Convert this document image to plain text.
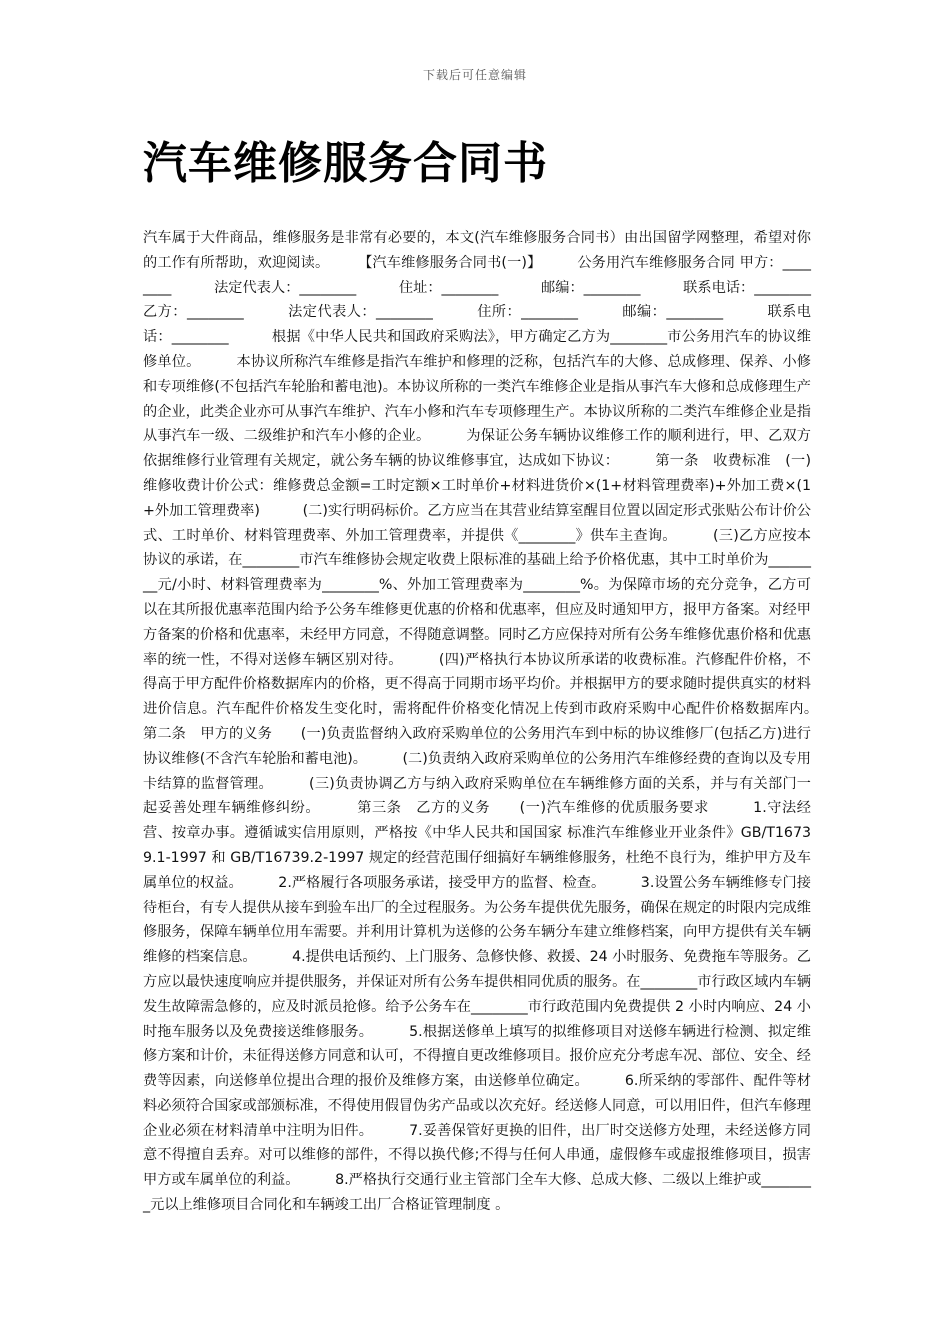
下载后可任意编辑
汽车维修服务合同书

汽车属于大件商品，维修服务是非常有必要的，本文(汽车维修服务合同书）由出国留学网整理，希望对你的工作有所帮助，欢迎阅读。　　　【汽车维修服务合同书(一)】　　　公务用汽车维修服务合同 甲方：________　　　法定代表人：________　　　住址：________　　　邮编：________　　　联系电话：________乙方：________　　　法定代表人：________　　　住所：________　　　邮编：________　　　联系电话：________　　　根据《中华人民共和国政府采购法》，甲方确定乙方为________市公务用汽车的协议维修单位。　　　本协议所称汽车维修是指汽车维护和修理的泛称，包括汽车的大修、总成修理、保养、小修和专项维修(不包括汽车轮胎和蓄电池)。本协议所称的一类汽车维修企业是指从事汽车大修和总成修理生产的企业，此类企业亦可从事汽车维护、汽车小修和汽车专项修理生产。本协议所称的二类汽车维修企业是指从事汽车一级、二级维护和汽车小修的企业。　　　为保证公务车辆协议维修工作的顺利进行，甲、乙双方依据维修行业管理有关规定，就公务车辆的协议维修事宜，达成如下协议：　　　第一条　收费标准　(一)维修收费计价公式：维修费总金额=工时定额×工时单价+材料进货价×(1+材料管理费率)+外加工费×(1+外加工管理费率)　　　(二)实行明码标价。乙方应当在其营业结算室醒目位置以固定形式张贴公布计价公式、工时单价、材料管理费率、外加工管理费率，并提供《________》供车主查询。　　　(三)乙方应按本协议的承诺，在________市汽车维修协会规定收费上限标准的基础上给予价格优惠，其中工时单价为________元/小时、材料管理费率为________%、外加工管理费率为________%。为保障市场的充分竞争，乙方可以在其所报优惠率范围内给予公务车维修更优惠的价格和优惠率，但应及时通知甲方，报甲方备案。对经甲方备案的价格和优惠率，未经甲方同意，不得随意调整。同时乙方应保持对所有公务车维修优惠价格和优惠率的统一性，不得对送修车辆区别对待。　　　(四)严格执行本协议所承诺的收费标准。汽修配件价格，不得高于甲方配件价格数据库内的价格，更不得高于同期市场平均价。并根据甲方的要求随时提供真实的材料进价信息。汽车配件价格发生变化时，需将配件价格变化情况上传到市政府采购中心配件价格数据库内。　　　第二条　甲方的义务　　(一)负责监督纳入政府采购单位的公务用汽车到中标的协议维修厂(包括乙方)进行协议维修(不含汽车轮胎和蓄电池)。　　　(二)负责纳入政府采购单位的公务用汽车维修经费的查询以及专用卡结算的监督管理。　　　(三)负责协调乙方与纳入政府采购单位在车辆维修方面的关系，并与有关部门一起妥善处理车辆维修纠纷。　　　第三条　乙方的义务　　(一)汽车维修的优质服务要求　　　1.守法经营、按章办事。遵循诚实信用原则，严格按《中华人民共和国国家 标准汽车维修业开业条件》GB/T16739.1-1997 和 GB/T16739.2-1997 规定的经营范围仔细搞好车辆维修服务，杜绝不良行为，维护甲方及车属单位的权益。　　　2.严格履行各项服务承诺，接受甲方的监督、检查。　　　3.设置公务车辆维修专门接待柜台，有专人提供从接车到验车出厂的全过程服务。为公务车提供优先服务，确保在规定的时限内完成维修服务，保障车辆单位用车需要。并利用计算机为送修的公务车辆分车建立维修档案，向甲方提供有关车辆维修的档案信息。　　　4.提供电话预约、上门服务、急修快修、救援、24 小时服务、免费拖车等服务。乙方应以最快速度响应并提供服务，并保证对所有公务车提供相同优质的服务。在________市行政区域内车辆发生故障需急修的，应及时派员抢修。给予公务车在________市行政范围内免费提供 2 小时内响应、24 小时拖车服务以及免费接送维修服务。　　　5.根据送修单上填写的拟维修项目对送修车辆进行检测、拟定维修方案和计价，未征得送修方同意和认可，不得擅自更改维修项目。报价应充分考虑车况、部位、安全、经费等因素，向送修单位提出合理的报价及维修方案，由送修单位确定。　　　6.所采纳的零部件、配件等材料必须符合国家或部颁标准，不得使用假冒伪劣产品或以次充好。经送修人同意，可以用旧件，但汽车修理企业必须在材料清单中注明为旧件。　　　7.妥善保管好更换的旧件，出厂时交送修方处理，未经送修方同意不得擅自丢弃。对可以维修的部件，不得以换代修;不得与任何人串通，虚假修车或虚报维修项目，损害甲方或车属单位的利益。　　　8.严格执行交通行业主管部门全车大修、总成大修、二级以上维护或________元以上维修项目合同化和车辆竣工出厂合格证管理制度 。
